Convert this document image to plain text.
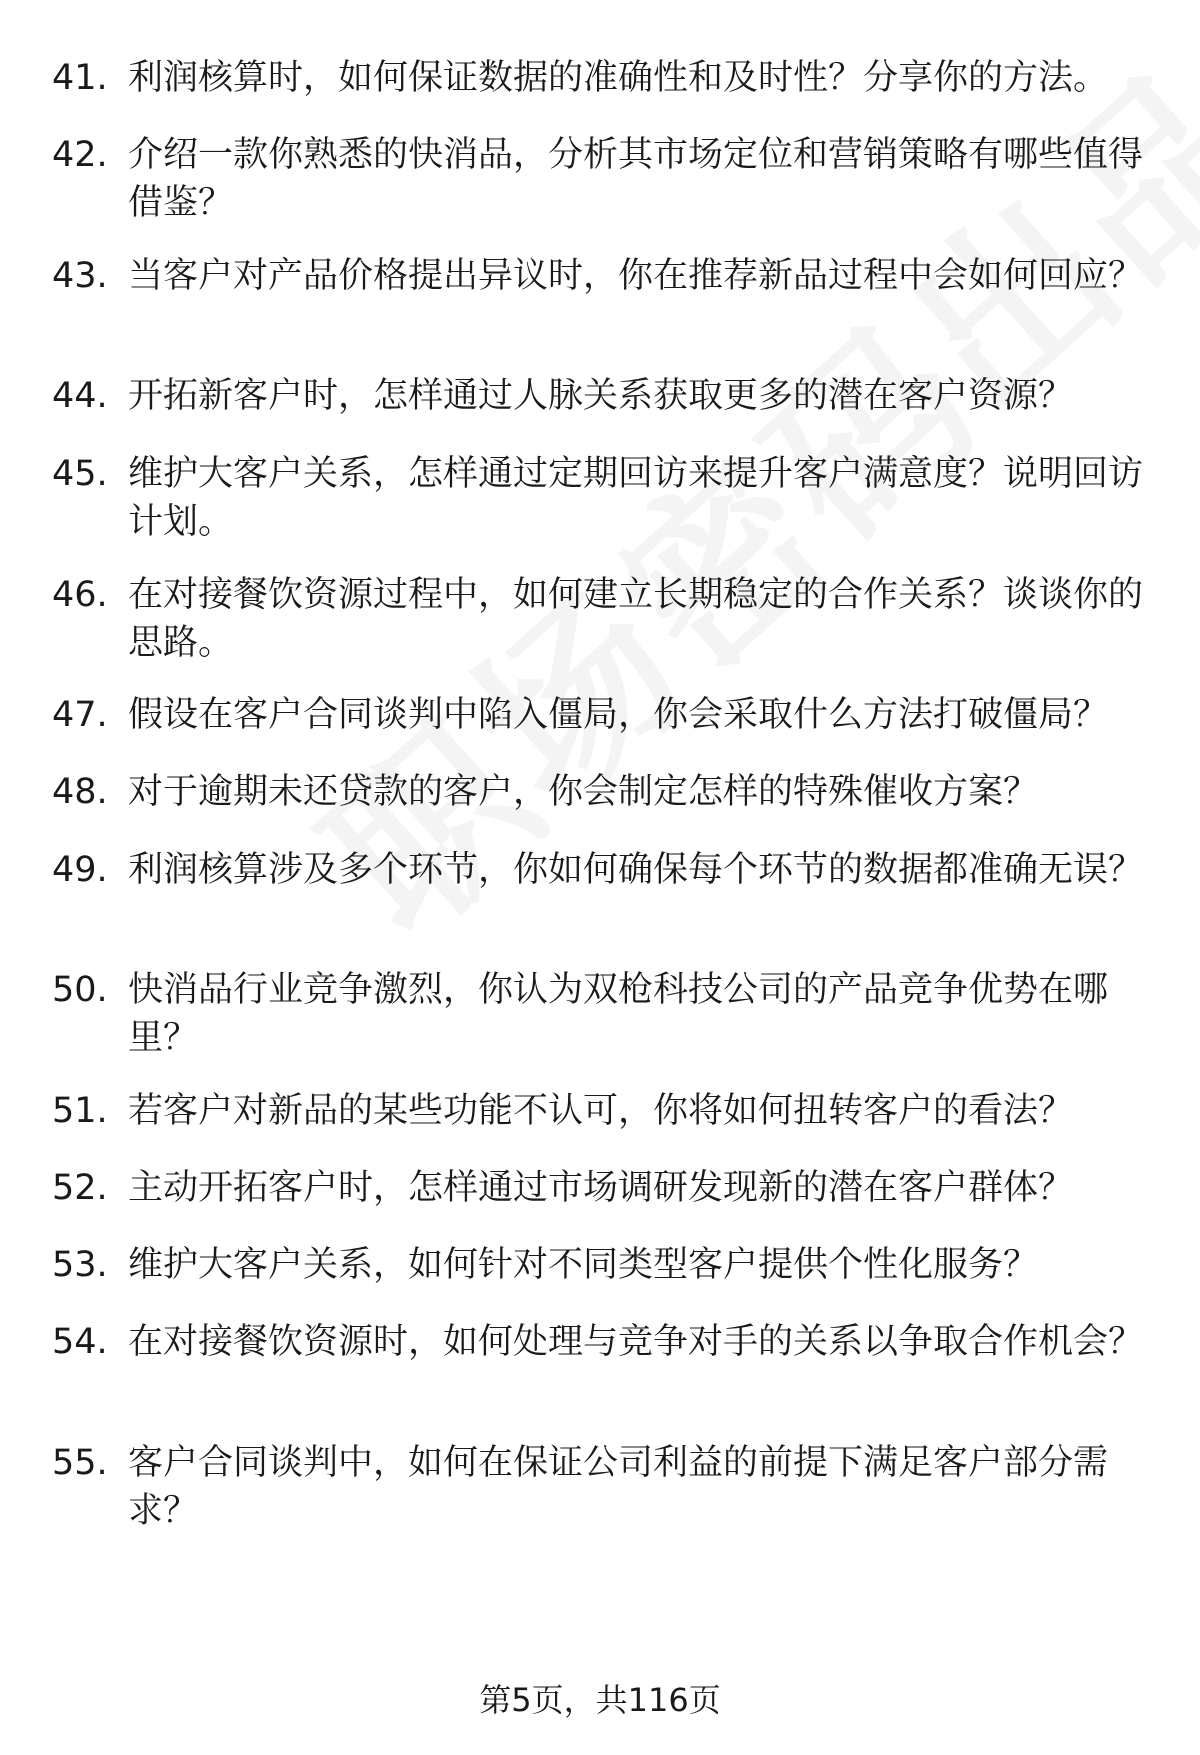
41. 利润核算时，如何保证数据的准确性和及时性？分享你的方法。
42. 介绍一款你熟悉的快消品，分析其市场定位和营销策略有哪些值得借鉴？
43. 当客户对产品价格提出异议时，你在推荐新品过程中会如何回应？
44. 开拓新客户时，怎样通过人脉关系获取更多的潜在客户资源？
45. 维护大客户关系，怎样通过定期回访来提升客户满意度？说明回访计划。
46. 在对接餐饮资源过程中，如何建立长期稳定的合作关系？谈谈你的思路。
47. 假设在客户合同谈判中陷入僵局，你会采取什么方法打破僵局？
48. 对于逾期未还贷款的客户，你会制定怎样的特殊催收方案？
49. 利润核算涉及多个环节，你如何确保每个环节的数据都准确无误？
50. 快消品行业竞争激烈，你认为双枪科技公司的产品竞争优势在哪里？
51. 若客户对新品的某些功能不认可，你将如何扭转客户的看法？
52. 主动开拓客户时，怎样通过市场调研发现新的潜在客户群体？
53. 维护大客户关系，如何针对不同类型客户提供个性化服务？
54. 在对接餐饮资源时，如何处理与竞争对手的关系以争取合作机会？
55. 客户合同谈判中，如何在保证公司利益的前提下满足客户部分需求？
第5页，共116页
